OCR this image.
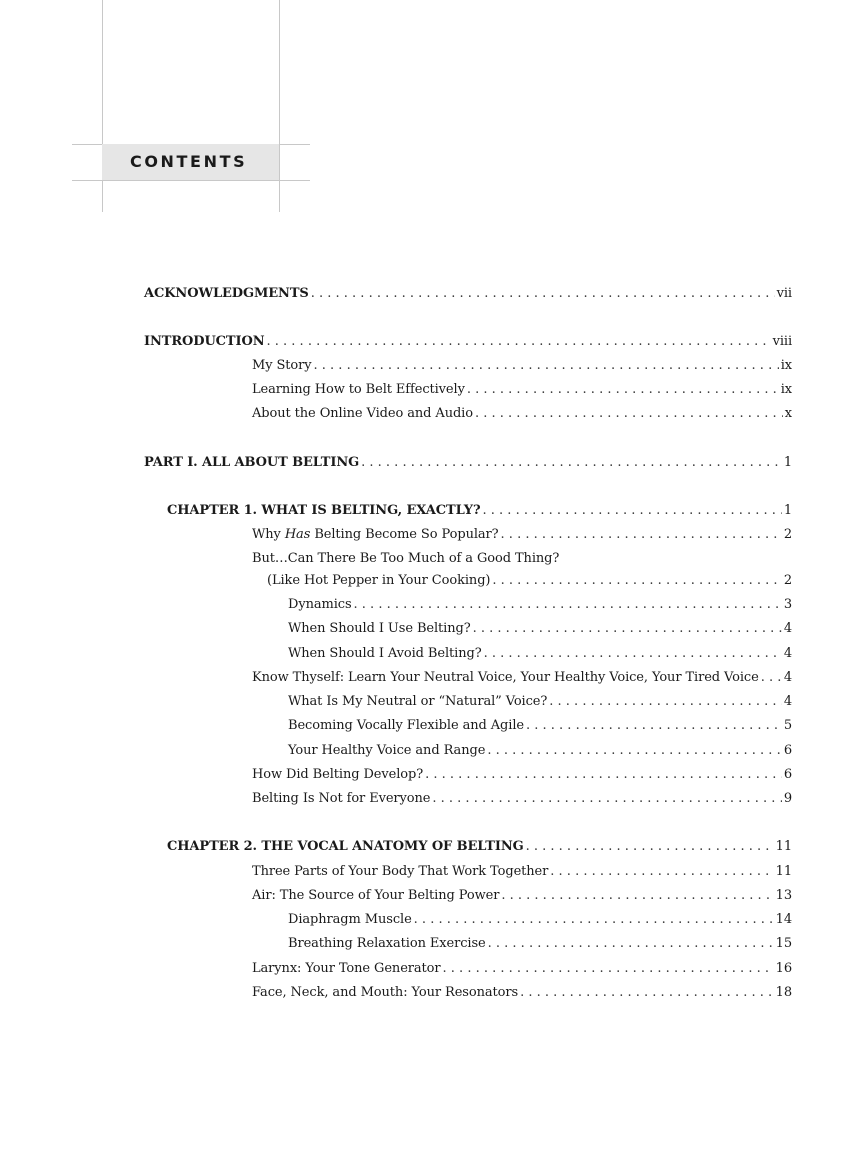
CONTENTS
ACKNOWLEDGMENTS . . .	vii
INTRODUCTION . . .	viii
My Story . . .	ix
Learning How to Belt Effectively . . .	ix
About the Online Video and Audio . . .	x
PART I. ALL ABOUT BELTING . . .	1
CHAPTER 1. WHAT IS BELTING, EXACTLY? . . .	1
Why Has Belting Become So Popular? . . .	2
But…Can There Be Too Much of a Good Thing?
(Like Hot Pepper in Your Cooking) . . .	2
Dynamics . . .	3
When Should I Use Belting? . . .	4
When Should I Avoid Belting? . . .	4
Know Thyself: Learn Your Neutral Voice, Your Healthy Voice, Your Tired Voice . . . 4
What Is My Neutral or “Natural” Voice? . . .	4
Becoming Vocally Flexible and Agile . . .	5
Your Healthy Voice and Range . . .	6
How Did Belting Develop? . . .	6
Belting Is Not for Everyone . . .	9
CHAPTER 2. THE VOCAL ANATOMY OF BELTING . . .	11
Three Parts of Your Body That Work Together . . .	11
Air: The Source of Your Belting Power . . .	13
Diaphragm Muscle . . .	14
Breathing Relaxation Exercise . . .	15
Larynx: Your Tone Generator . . .	16
Face, Neck, and Mouth: Your Resonators . . .	18
